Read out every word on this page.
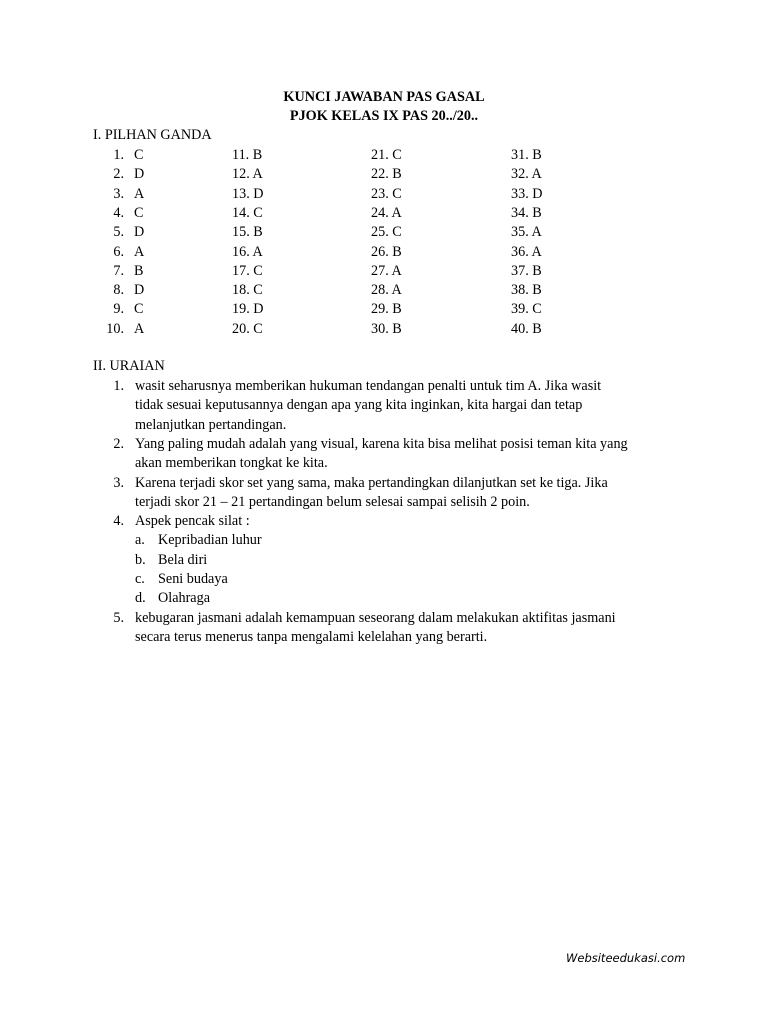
KUNCI JAWABAN PAS GASAL
PJOK KELAS IX PAS 20../20..
I. PILHAN GANDA
1. C
2. D
3. A
4. C
5. D
6. A
7. B
8. D
9. C
10. A
11. B
12. A
13. D
14. C
15. B
16. A
17. C
18. C
19. D
20. C
21. C
22. B
23. C
24. A
25. C
26. B
27. A
28. A
29. B
30. B
31. B
32. A
33. D
34. B
35. A
36. A
37. B
38. B
39. C
40. B
II. URAIAN
1. wasit seharusnya memberikan hukuman tendangan penalti untuk tim A. Jika wasit
tidak sesuai keputusannya dengan apa yang kita inginkan, kita hargai dan tetap
melanjutkan pertandingan.
2. Yang paling mudah adalah yang visual, karena kita bisa melihat posisi teman kita yang
akan memberikan tongkat ke kita.
3. Karena terjadi skor set yang sama, maka pertandingkan dilanjutkan set ke tiga. Jika
terjadi skor 21 – 21 pertandingan belum selesai sampai selisih 2 poin.
4. Aspek pencak silat :
a. Kepribadian luhur
b. Bela diri
c. Seni budaya
d. Olahraga
5. kebugaran jasmani adalah kemampuan seseorang dalam melakukan aktifitas jasmani
secara terus menerus tanpa mengalami kelelahan yang berarti.
Websiteedukasi.com
